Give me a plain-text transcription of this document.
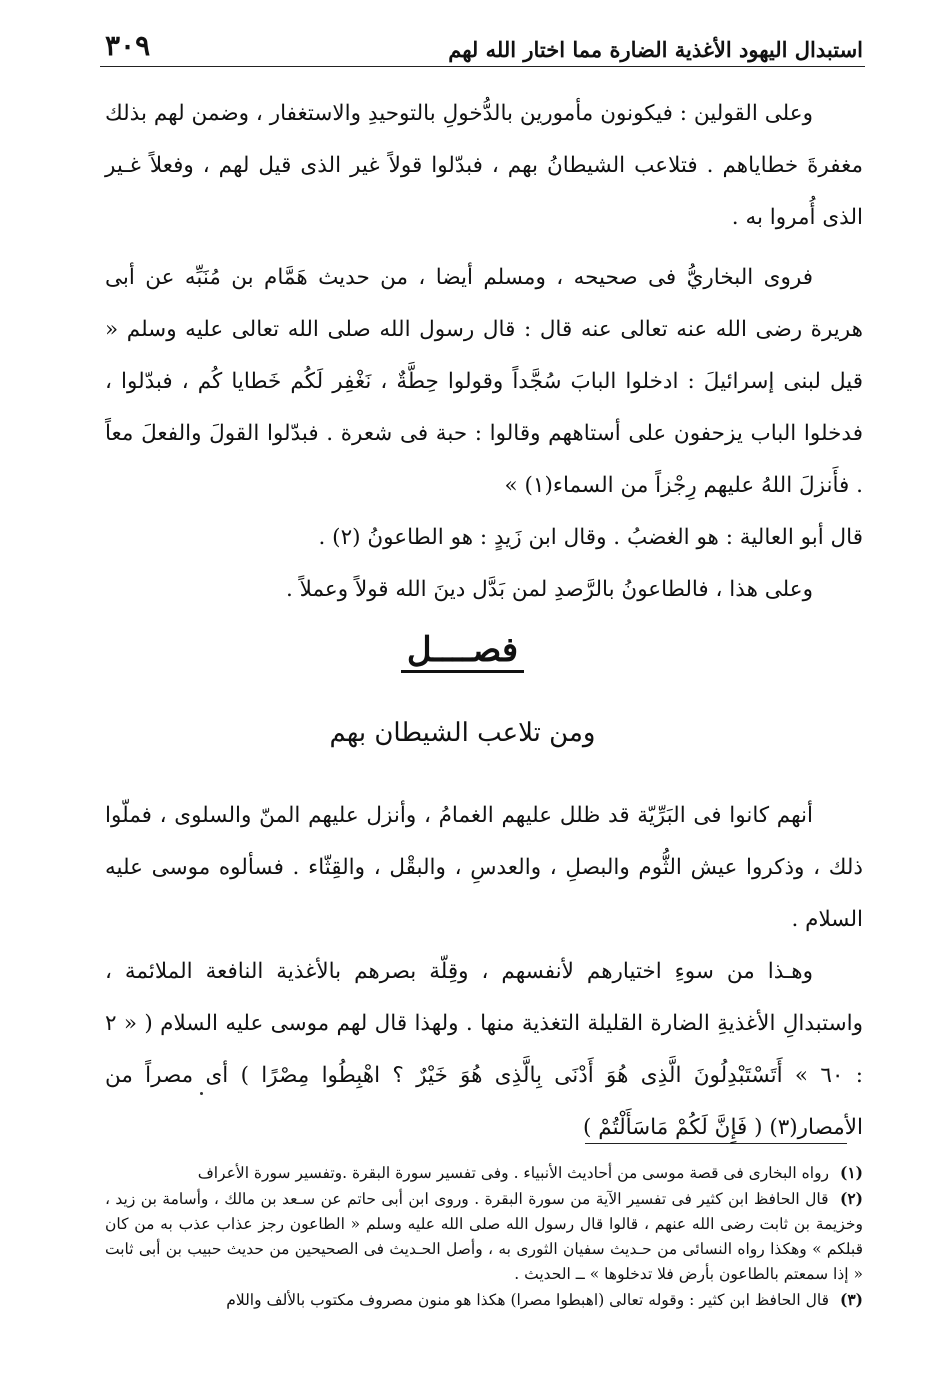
استبدال اليهود الأغذية الضارة مما اختار الله لهم
٣٠٩

وعلى القولين : فيكونون مأمورين بالدُّخولِ بالتوحيدِ والاستغفار ، وضمن لهم بذلك مغفرةَ خطاياهم . فتلاعب الشيطانُ بهم ، فبدّلوا قولاً غير الذى قيل لهم ، وفعلاً غـير الذى أُمروا به .

فروى البخاريُّ فى صحيحه ، ومسلم أيضا ، من حديث هَمَّام بن مُنَبِّه عن أبى هريرة رضى الله عنه تعالى عنه قال : قال رسول الله صلى الله تعالى عليه وسلم « قيل لبنى إسرائيلَ : ادخلوا البابَ سُجَّداً وقولوا حِطَّةٌ ، نَغْفِر لَكُم خَطايا كُم ، فبدّلوا ، فدخلوا الباب يزحفون على أستاههم وقالوا : حبة فى شعرة . فبدّلوا القولَ والفعلَ معاً . فأَنزلَ اللهُ عليهم رِجْزاً من السماء(١) »

قال أبو العالية : هو الغضبُ . وقال ابن زَيدٍ : هو الطاعونُ (٢) .

وعلى هذا ، فالطاعونُ بالرَّصدِ لمن بَدَّل دينَ الله قولاً وعملاً .

فصــــل
ومن تلاعب الشيطان بهم

أنهم كانوا فى البَرِّيّة قد ظلل عليهم الغمامُ ، وأنزل عليهم المنّ والسلوى ، فملّوا ذلك ، وذكروا عيش الثُّوم والبصلِ ، والعدسِ ، والبقْل ، والقِثّاء . فسألوه موسى عليه السلام .

وهـذا من سوءِ اختيارهم لأنفسهم ، وقِلّة بصرهم بالأغذية النافعة الملائمة ، واستبدالِ الأغذيةِ الضارة القليلة التغذية منها . ولهذا قال لهم موسى عليه السلام ( « ٢ : ٦٠ » أَتَسْتَبْدِلُونَ الَّذِى هُوَ أَدْنَى بِالَّذِى هُوَ خَيْرٌ ؟ اهْبِطُوا مِصْرًا ) أى مصراً من الأمصار(٣) ( فَإِنَّ لَكُمْ مَاسَأَلْتُمْ )

(١) رواه البخارى فى قصة موسى من أحاديث الأنبياء . وفى تفسير سورة البقرة .وتفسير سورة الأعراف

(٢) قال الحافظ ابن كثير فى تفسير الآية من سورة البقرة . وروى ابن أبى حاتم عن سـعد بن مالك ، وأسامة بن زيد ، وخزيمة بن ثابت رضى الله عنهم ، قالوا قال رسول الله صلى الله عليه وسلم « الطاعون رجز عذاب عذب به من كان قبلكم » وهكذا رواه النسائى من حـديث سفيان الثورى به ، وأصل الحـديث فى الصحيحين من حديث حبيب بن أبى ثابت « إذا سمعتم بالطاعون بأرض فلا تدخلوها » ــ الحديث .

(٣) قال الحافظ ابن كثير : وقوله تعالى (اهبطوا مصرا) هكذا هو منون مصروف مكتوب بالألف واللام
